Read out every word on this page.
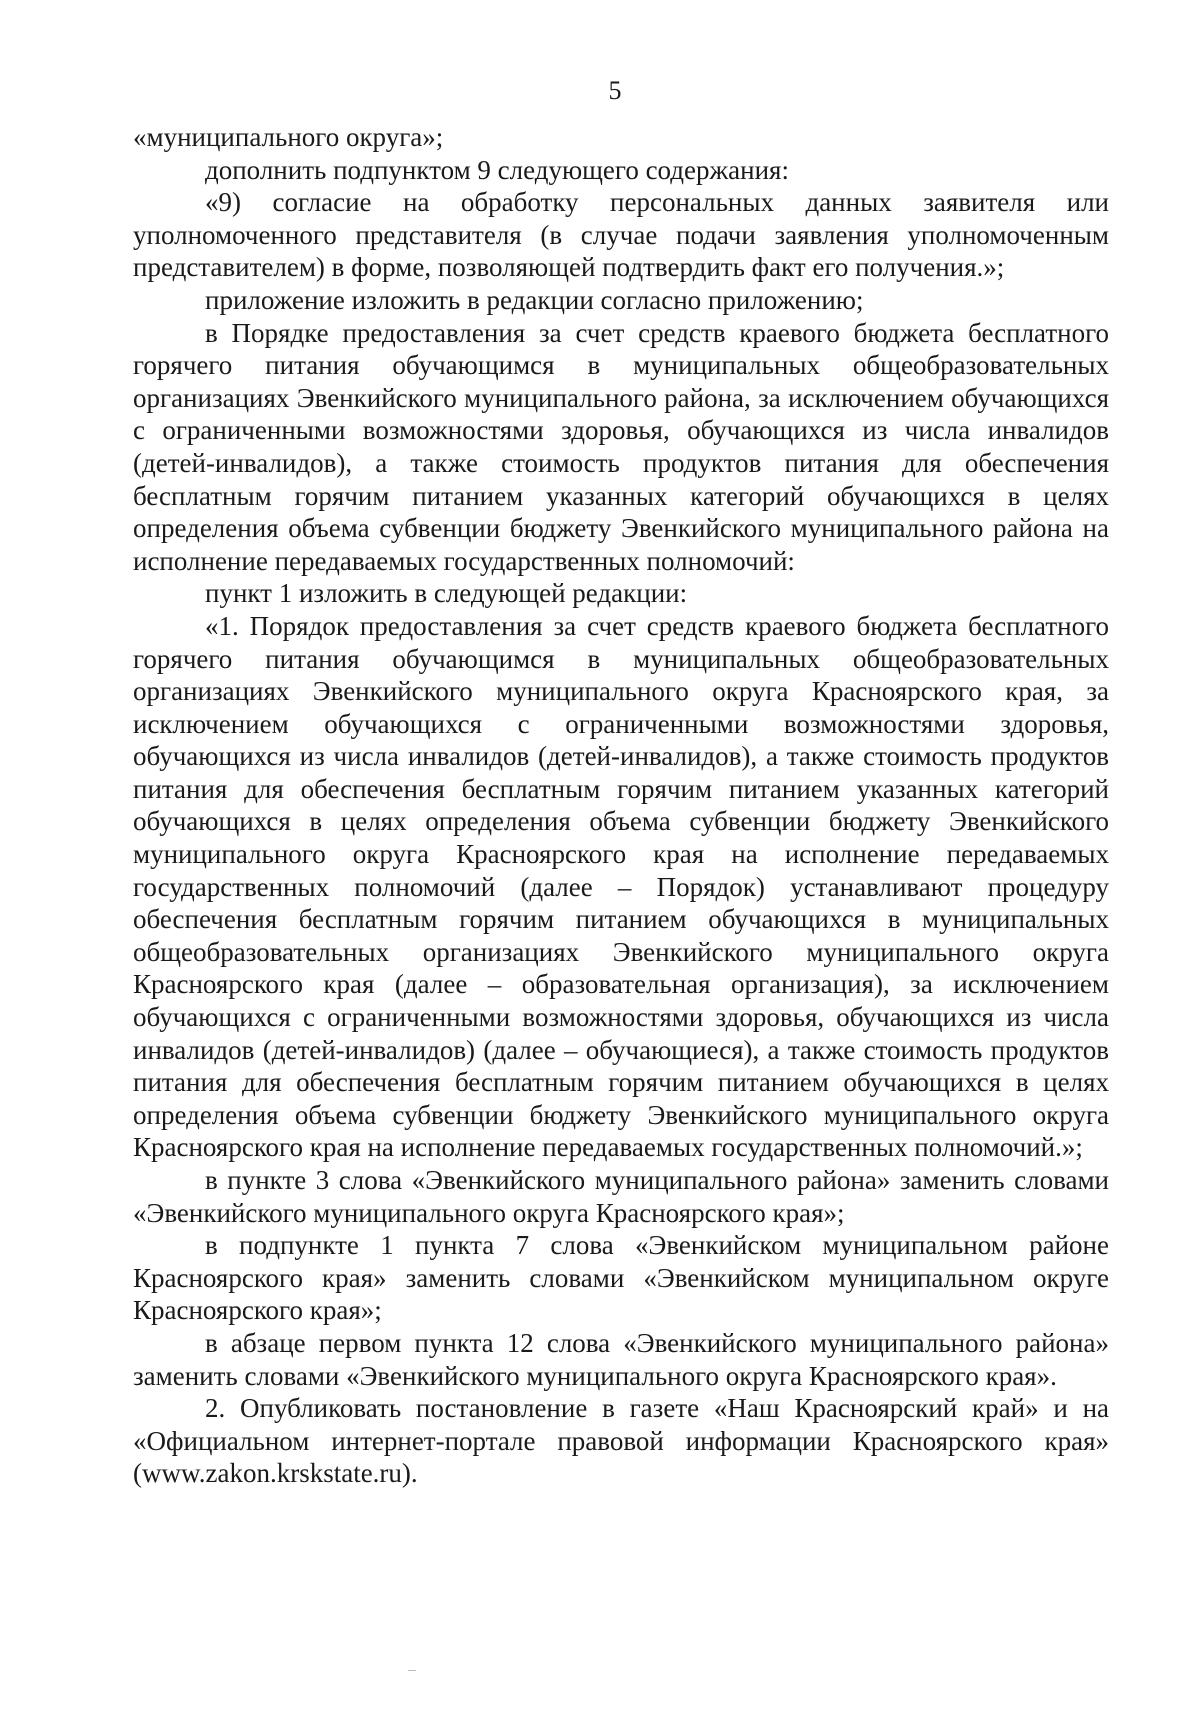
5

«муниципального округа»;

дополнить подпунктом 9 следующего содержания:

«9) согласие на обработку персональных данных заявителя или уполномоченного представителя (в случае подачи заявления уполномоченным представителем) в форме, позволяющей подтвердить факт его получения.»;

приложение изложить в редакции согласно приложению;

в Порядке предоставления за счет средств краевого бюджета бесплатного горячего питания обучающимся в муниципальных общеобразовательных организациях Эвенкийского муниципального района, за исключением обучающихся с ограниченными возможностями здоровья, обучающихся из числа инвалидов (детей-инвалидов), а также стоимость продуктов питания для обеспечения бесплатным горячим питанием указанных категорий обучающихся в целях определения объема субвенции бюджету Эвенкийского муниципального района на исполнение передаваемых государственных полномочий:

пункт 1 изложить в следующей редакции:

«1. Порядок предоставления за счет средств краевого бюджета бесплатного горячего питания обучающимся в муниципальных общеобразовательных организациях Эвенкийского муниципального округа Красноярского края, за исключением обучающихся с ограниченными возможностями здоровья, обучающихся из числа инвалидов (детей-инвалидов), а также стоимость продуктов питания для обеспечения бесплатным горячим питанием указанных категорий обучающихся в целях определения объема субвенции бюджету Эвенкийского муниципального округа Красноярского края на исполнение передаваемых государственных полномочий (далее – Порядок) устанавливают процедуру обеспечения бесплатным горячим питанием обучающихся в муниципальных общеобразовательных организациях Эвенкийского муниципального округа Красноярского края (далее – образовательная организация), за исключением обучающихся с ограниченными возможностями здоровья, обучающихся из числа инвалидов (детей-инвалидов) (далее – обучающиеся), а также стоимость продуктов питания для обеспечения бесплатным горячим питанием обучающихся в целях определения объема субвенции бюджету Эвенкийского муниципального округа Красноярского края на исполнение передаваемых государственных полномочий.»;

в пункте 3 слова «Эвенкийского муниципального района» заменить словами «Эвенкийского муниципального округа Красноярского края»;

в подпункте 1 пункта 7 слова «Эвенкийском муниципальном районе Красноярского края» заменить словами «Эвенкийском муниципальном округе Красноярского края»;

в абзаце первом пункта 12 слова «Эвенкийского муниципального района» заменить словами «Эвенкийского муниципального округа Красноярского края».

2. Опубликовать постановление в газете «Наш Красноярский край» и на «Официальном интернет-портале правовой информации Красноярского края» (www.zakon.krskstate.ru).
